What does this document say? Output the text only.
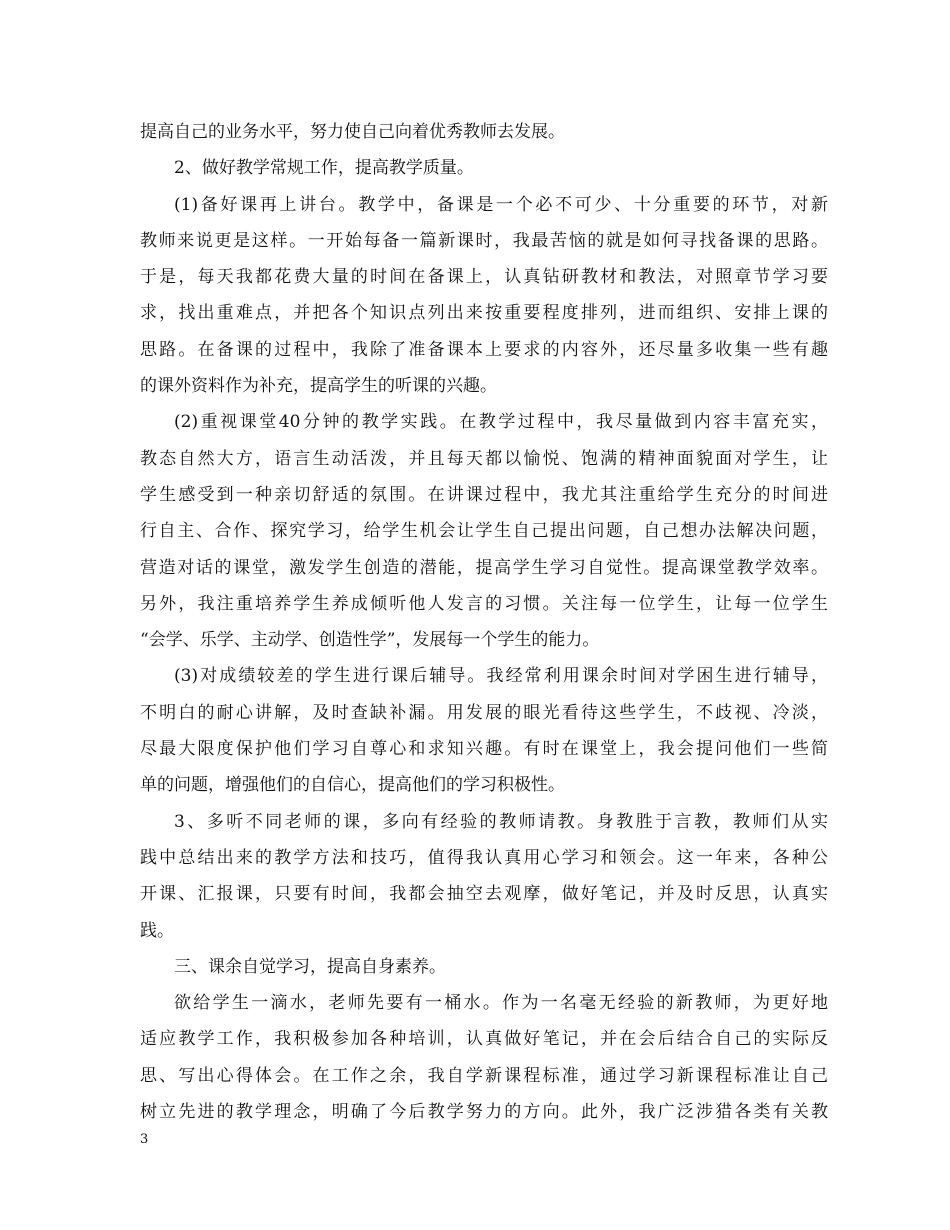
提高自己的业务水平，努力使自己向着优秀教师去发展。
2、做好教学常规工作，提高教学质量。
(1)备好课再上讲台。教学中，备课是一个必不可少、十分重要的环节，对新
教师来说更是这样。一开始每备一篇新课时，我最苦恼的就是如何寻找备课的思路。
于是，每天我都花费大量的时间在备课上，认真钻研教材和教法，对照章节学习要
求，找出重难点，并把各个知识点列出来按重要程度排列，进而组织、安排上课的
思路。在备课的过程中，我除了准备课本上要求的内容外，还尽量多收集一些有趣
的课外资料作为补充，提高学生的听课的兴趣。
(2)重视课堂40分钟的教学实践。在教学过程中，我尽量做到内容丰富充实，
教态自然大方，语言生动活泼，并且每天都以愉悦、饱满的精神面貌面对学生，让
学生感受到一种亲切舒适的氛围。在讲课过程中，我尤其注重给学生充分的时间进
行自主、合作、探究学习，给学生机会让学生自己提出问题，自己想办法解决问题，
营造对话的课堂，激发学生创造的潜能，提高学生学习自觉性。提高课堂教学效率。
另外，我注重培养学生养成倾听他人发言的习惯。关注每一位学生，让每一位学生
“会学、乐学、主动学、创造性学”，发展每一个学生的能力。
(3)对成绩较差的学生进行课后辅导。我经常利用课余时间对学困生进行辅导，
不明白的耐心讲解，及时查缺补漏。用发展的眼光看待这些学生，不歧视、冷淡，
尽最大限度保护他们学习自尊心和求知兴趣。有时在课堂上，我会提问他们一些简
单的问题，增强他们的自信心，提高他们的学习积极性。
3、多听不同老师的课，多向有经验的教师请教。身教胜于言教，教师们从实
践中总结出来的教学方法和技巧，值得我认真用心学习和领会。这一年来，各种公
开课、汇报课，只要有时间，我都会抽空去观摩，做好笔记，并及时反思，认真实
践。
三、课余自觉学习，提高自身素养。
欲给学生一滴水，老师先要有一桶水。作为一名毫无经验的新教师，为更好地
适应教学工作，我积极参加各种培训，认真做好笔记，并在会后结合自己的实际反
思、写出心得体会。在工作之余，我自学新课程标准，通过学习新课程标准让自己
树立先进的教学理念，明确了今后教学努力的方向。此外，我广泛涉猎各类有关教
3
